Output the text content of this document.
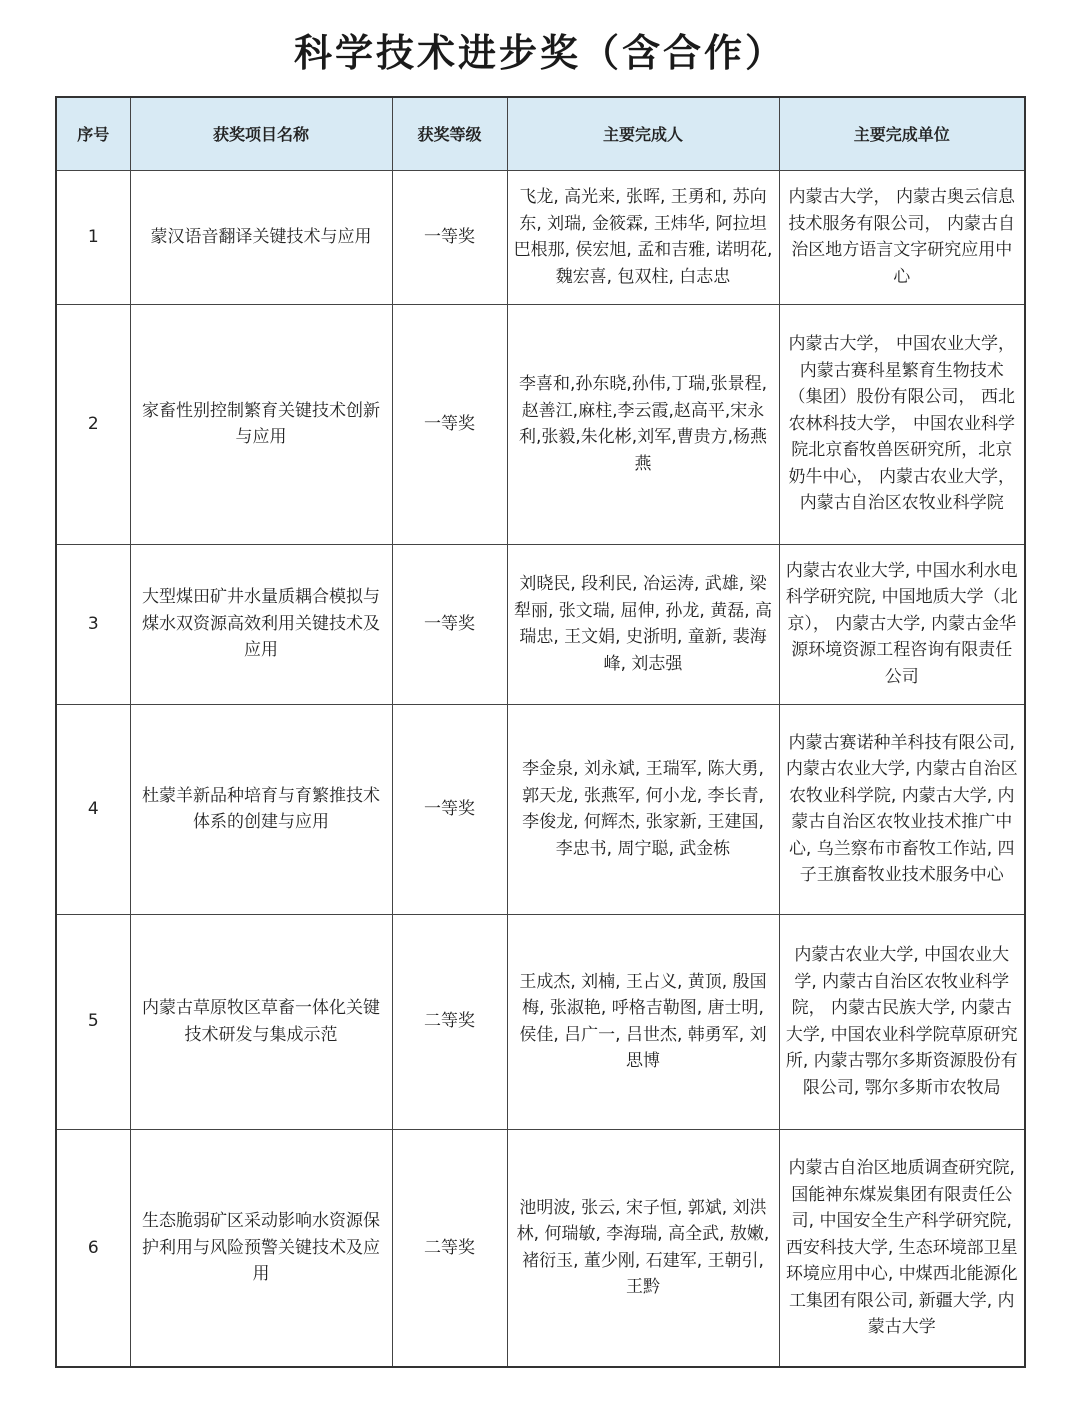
科学技术进步奖（含合作）
序号	获奖项目名称	获奖等级	主要完成人	主要完成单位
1	蒙汉语音翻译关键技术与应用	一等奖	飞龙, 高光来, 张晖, 王勇和, 苏向东, 刘瑞, 金筱霖, 王炜华, 阿拉坦巴根那, 侯宏旭, 孟和吉雅, 诺明花, 魏宏喜, 包双柱, 白志忠	内蒙古大学， 内蒙古奥云信息技术服务有限公司， 内蒙古自治区地方语言文字研究应用中心
2	家畜性别控制繁育关键技术创新与应用	一等奖	李喜和,孙东晓,孙伟,丁瑞,张景程,赵善江,麻柱,李云霞,赵高平,宋永利,张毅,朱化彬,刘军,曹贵方,杨燕燕	内蒙古大学， 中国农业大学，内蒙古赛科星繁育生物技术（集团）股份有限公司， 西北农林科技大学， 中国农业科学院北京畜牧兽医研究所，北京奶牛中心， 内蒙古农业大学， 内蒙古自治区农牧业科学院
3	大型煤田矿井水量质耦合模拟与煤水双资源高效利用关键技术及应用	一等奖	刘晓民, 段利民, 冶运涛, 武雄, 梁犁丽, 张文瑞, 屈伸, 孙龙, 黄磊, 高瑞忠, 王文娟, 史浙明, 童新, 裴海峰, 刘志强	内蒙古农业大学, 中国水利水电科学研究院, 中国地质大学（北京）， 内蒙古大学, 内蒙古金华源环境资源工程咨询有限责任公司
4	杜蒙羊新品种培育与育繁推技术体系的创建与应用	一等奖	李金泉, 刘永斌, 王瑞军, 陈大勇, 郭天龙, 张燕军, 何小龙, 李长青, 李俊龙, 何辉杰, 张家新, 王建国, 李忠书, 周宁聪, 武金栋	内蒙古赛诺种羊科技有限公司, 内蒙古农业大学, 内蒙古自治区农牧业科学院, 内蒙古大学, 内蒙古自治区农牧业技术推广中心, 乌兰察布市畜牧工作站, 四子王旗畜牧业技术服务中心
5	内蒙古草原牧区草畜一体化关键技术研发与集成示范	二等奖	王成杰, 刘楠, 王占义, 黄顶, 殷国梅, 张淑艳, 呼格吉勒图, 唐士明, 侯佳, 吕广一, 吕世杰, 韩勇军, 刘思博	内蒙古农业大学, 中国农业大学, 内蒙古自治区农牧业科学院， 内蒙古民族大学, 内蒙古大学, 中国农业科学院草原研究所, 内蒙古鄂尔多斯资源股份有限公司, 鄂尔多斯市农牧局
6	生态脆弱矿区采动影响水资源保护利用与风险预警关键技术及应用	二等奖	池明波, 张云, 宋子恒, 郭斌, 刘洪林, 何瑞敏, 李海瑞, 高全武, 敖嫩, 褚衍玉, 董少刚, 石建军, 王朝引, 王黔	内蒙古自治区地质调查研究院, 国能神东煤炭集团有限责任公司, 中国安全生产科学研究院, 西安科技大学, 生态环境部卫星环境应用中心, 中煤西北能源化工集团有限公司, 新疆大学, 内蒙古大学
